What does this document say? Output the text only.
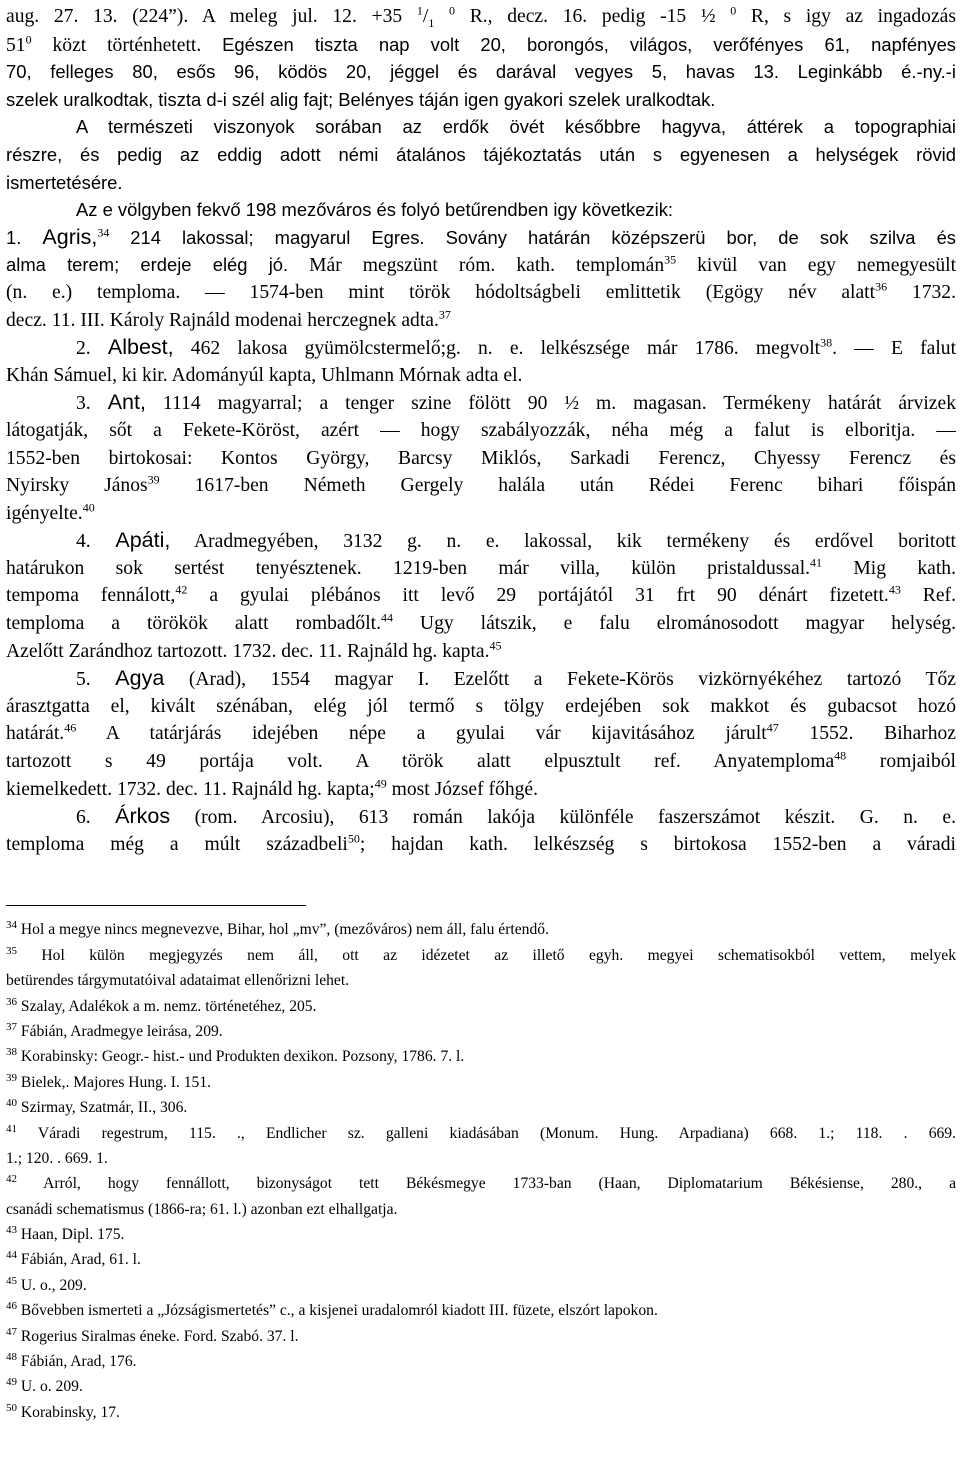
aug. 27. 13. (224”). A meleg jul. 12. +35 $^1/_1$ $^0$ R., decz. 16. pedig -15 ½ $^0$ R, s igy az ingadozás
$51^0$ közt történhetett. Egészen tiszta nap volt 20, borongós, világos, verőfényes 61, napfényes
70, felleges 80, esős 96, ködös 20, jéggel és darával vegyes 5, havas 13. Leginkább é.-ny.-i
szelek uralkodtak, tiszta d-i szél alig fajt; Belényes táján igen gyakori szelek uralkodtak.
A természeti viszonyok sorában az erdők övét későbbre hagyva, áttérek a topographiai
részre, és pedig az eddig adott némi átalános tájékoztatás után s egyenesen a helységek rövid
ismertetésére.
Az e völgyben fekvő 198 mezőváros és folyó betűrendben igy következik:
1. Agris,$^{34}$ 214 lakossal; magyarul Egres. Sovány határán középszerü bor, de sok szilva és
alma terem; erdeje elég jó. Már megszünt róm. kath. templomán$^{35}$ kivül van egy nemegyesült
(n. e.) temploma. — 1574-ben mint török hódoltságbeli emlittetik (Egögy név alatt$^{36}$ 1732.
decz. 11. III. Károly Rajnáld modenai herczegnek adta.$^{37}$
2. Albest, 462 lakosa gyümölcstermelő;g. n. e. lelkészsége már 1786. megvolt$^{38}$. — E falut
Khán Sámuel, ki kir. Adományúl kapta, Uhlmann Mórnak adta el.
3. Ant, 1114 magyarral; a tenger szine fölött 90 ½ m. magasan. Termékeny határát árvizek
látogatják, sőt a Fekete-Köröst, azért — hogy szabályozzák, néha még a falut is elboritja. —
1552-ben birtokosai: Kontos György, Barcsy Miklós, Sarkadi Ferencz, Chyessy Ferencz és
Nyirsky János$^{39}$ 1617-ben Németh Gergely halála után Rédei Ferenc bihari főispán
igényelte.$^{40}$
4. Apáti, Aradmegyében, 3132 g. n. e. lakossal, kik termékeny és erdővel boritott
határukon sok sertést tenyésztenek. 1219-ben már villa, külön pristaldussal.$^{41}$ Mig kath.
tempoma fennálott,$^{42}$ a gyulai plébános itt levő 29 portájától 31 frt 90 dénárt fizetett.$^{43}$ Ref.
temploma a törökök alatt rombadőlt.$^{44}$ Ugy látszik, e falu elrománosodott magyar helység.
Azelőtt Zarándhoz tartozott. 1732. dec. 11. Rajnáld hg. kapta.$^{45}$
5. Agya (Arad), 1554 magyar I. Ezelőtt a Fekete-Körös vizkörnyékéhez tartozó Tőz
árasztgatta el, kivált szénában, elég jól termő s tölgy erdejében sok makkot és gubacsot hozó
határát.$^{46}$ A tatárjárás idejében népe a gyulai vár kijavitásához járult$^{47}$ 1552. Biharhoz
tartozott s 49 portája volt. A török alatt elpusztult ref. Anyatemploma$^{48}$ romjaiból
kiemelkedett. 1732. dec. 11. Rajnáld hg. kapta;$^{49}$ most József főhgé.
6. Árkos (rom. Arcosiu), 613 román lakója különféle faszerszámot készit. G. n. e.
temploma még a múlt századbeli$^{50}$; hajdan kath. lelkészség s birtokosa 1552-ben a váradi
$^{34}$ Hol a megye nincs megnevezve, Bihar, hol „mv”, (mezőváros) nem áll, falu értendő.
$^{35}$ Hol külön megjegyzés nem áll, ott az idézetet az illető egyh. megyei schematisokból vettem, melyek
betürendes tárgymutatóival adataimat ellenőrizni lehet.
$^{36}$ Szalay, Adalékok a m. nemz. történetéhez, 205.
$^{37}$ Fábián, Aradmegye leirása, 209.
$^{38}$ Korabinsky: Geogr.- hist.- und Produkten dexikon. Pozsony, 1786. 7. l.
$^{39}$ Bielek,. Majores Hung. I. 151.
$^{40}$ Szirmay, Szatmár, II., 306.
$^{41}$ Váradi regestrum, 115. ., Endlicher sz. galleni kiadásában (Monum. Hung. Arpadiana) 668. 1.; 118. . 669.
1.; 120. . 669. 1.
$^{42}$ Arról, hogy fennállott, bizonyságot tett Békésmegye 1733-ban (Haan, Diplomatarium Békésiense, 280., a
csanádi schematismus (1866-ra; 61. l.) azonban ezt elhallgatja.
$^{43}$ Haan, Dipl. 175.
$^{44}$ Fábián, Arad, 61. l.
$^{45}$ U. o., 209.
$^{46}$ Bővebben ismerteti a „Józságismertetés” c., a kisjenei uradalomról kiadott III. füzete, elszórt lapokon.
$^{47}$ Rogerius Siralmas éneke. Ford. Szabó. 37. l.
$^{48}$ Fábián, Arad, 176.
$^{49}$ U. o. 209.
$^{50}$ Korabinsky, 17.
